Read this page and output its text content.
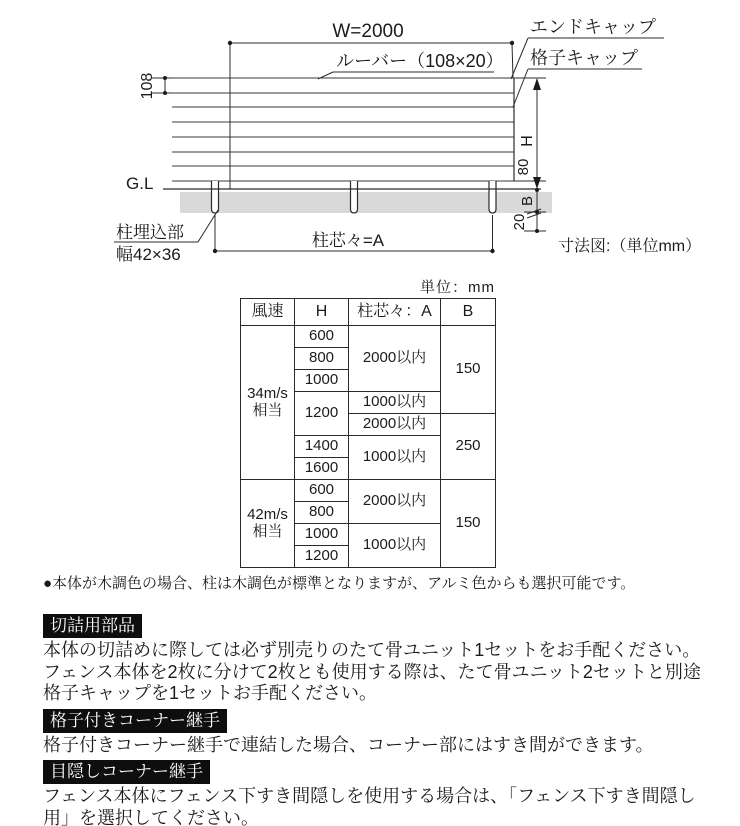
G.L
W=2000
ルーバー（108×20）
エンドキャップ
格子キャップ
108
H
80
B
20
柱芯々=A
柱埋込部
幅42×36	寸法図:（単位mm）
単位：mm
風速	H	柱芯々：A	B
34m/s相当	600	2000以内	150
	800		
	1000		
	1200	1000以内	
		2000以内	250
	1400	1000以内	
	1600		
42m/s相当	600	2000以内	150
	800		
	1000	1000以内	
	1200		

●本体が木調色の場合、柱は木調色が標準となりますが、アルミ色からも選択可能です。

切詰用部品

本体の切詰めに際しては必ず別売りのたて骨ユニット1セットをお手配ください。フェンス本体を2枚に分けて2枚とも使用する際は、たて骨ユニット2セットと別途格子キャップを1セットお手配ください。

格子付きコーナー継手

格子付きコーナー継手で連結した場合、コーナー部にはすき間ができます。

目隠しコーナー継手

フェンス本体にフェンス下すき間隠しを使用する場合は、「フェンス下すき間隠し用」を選択してください。
